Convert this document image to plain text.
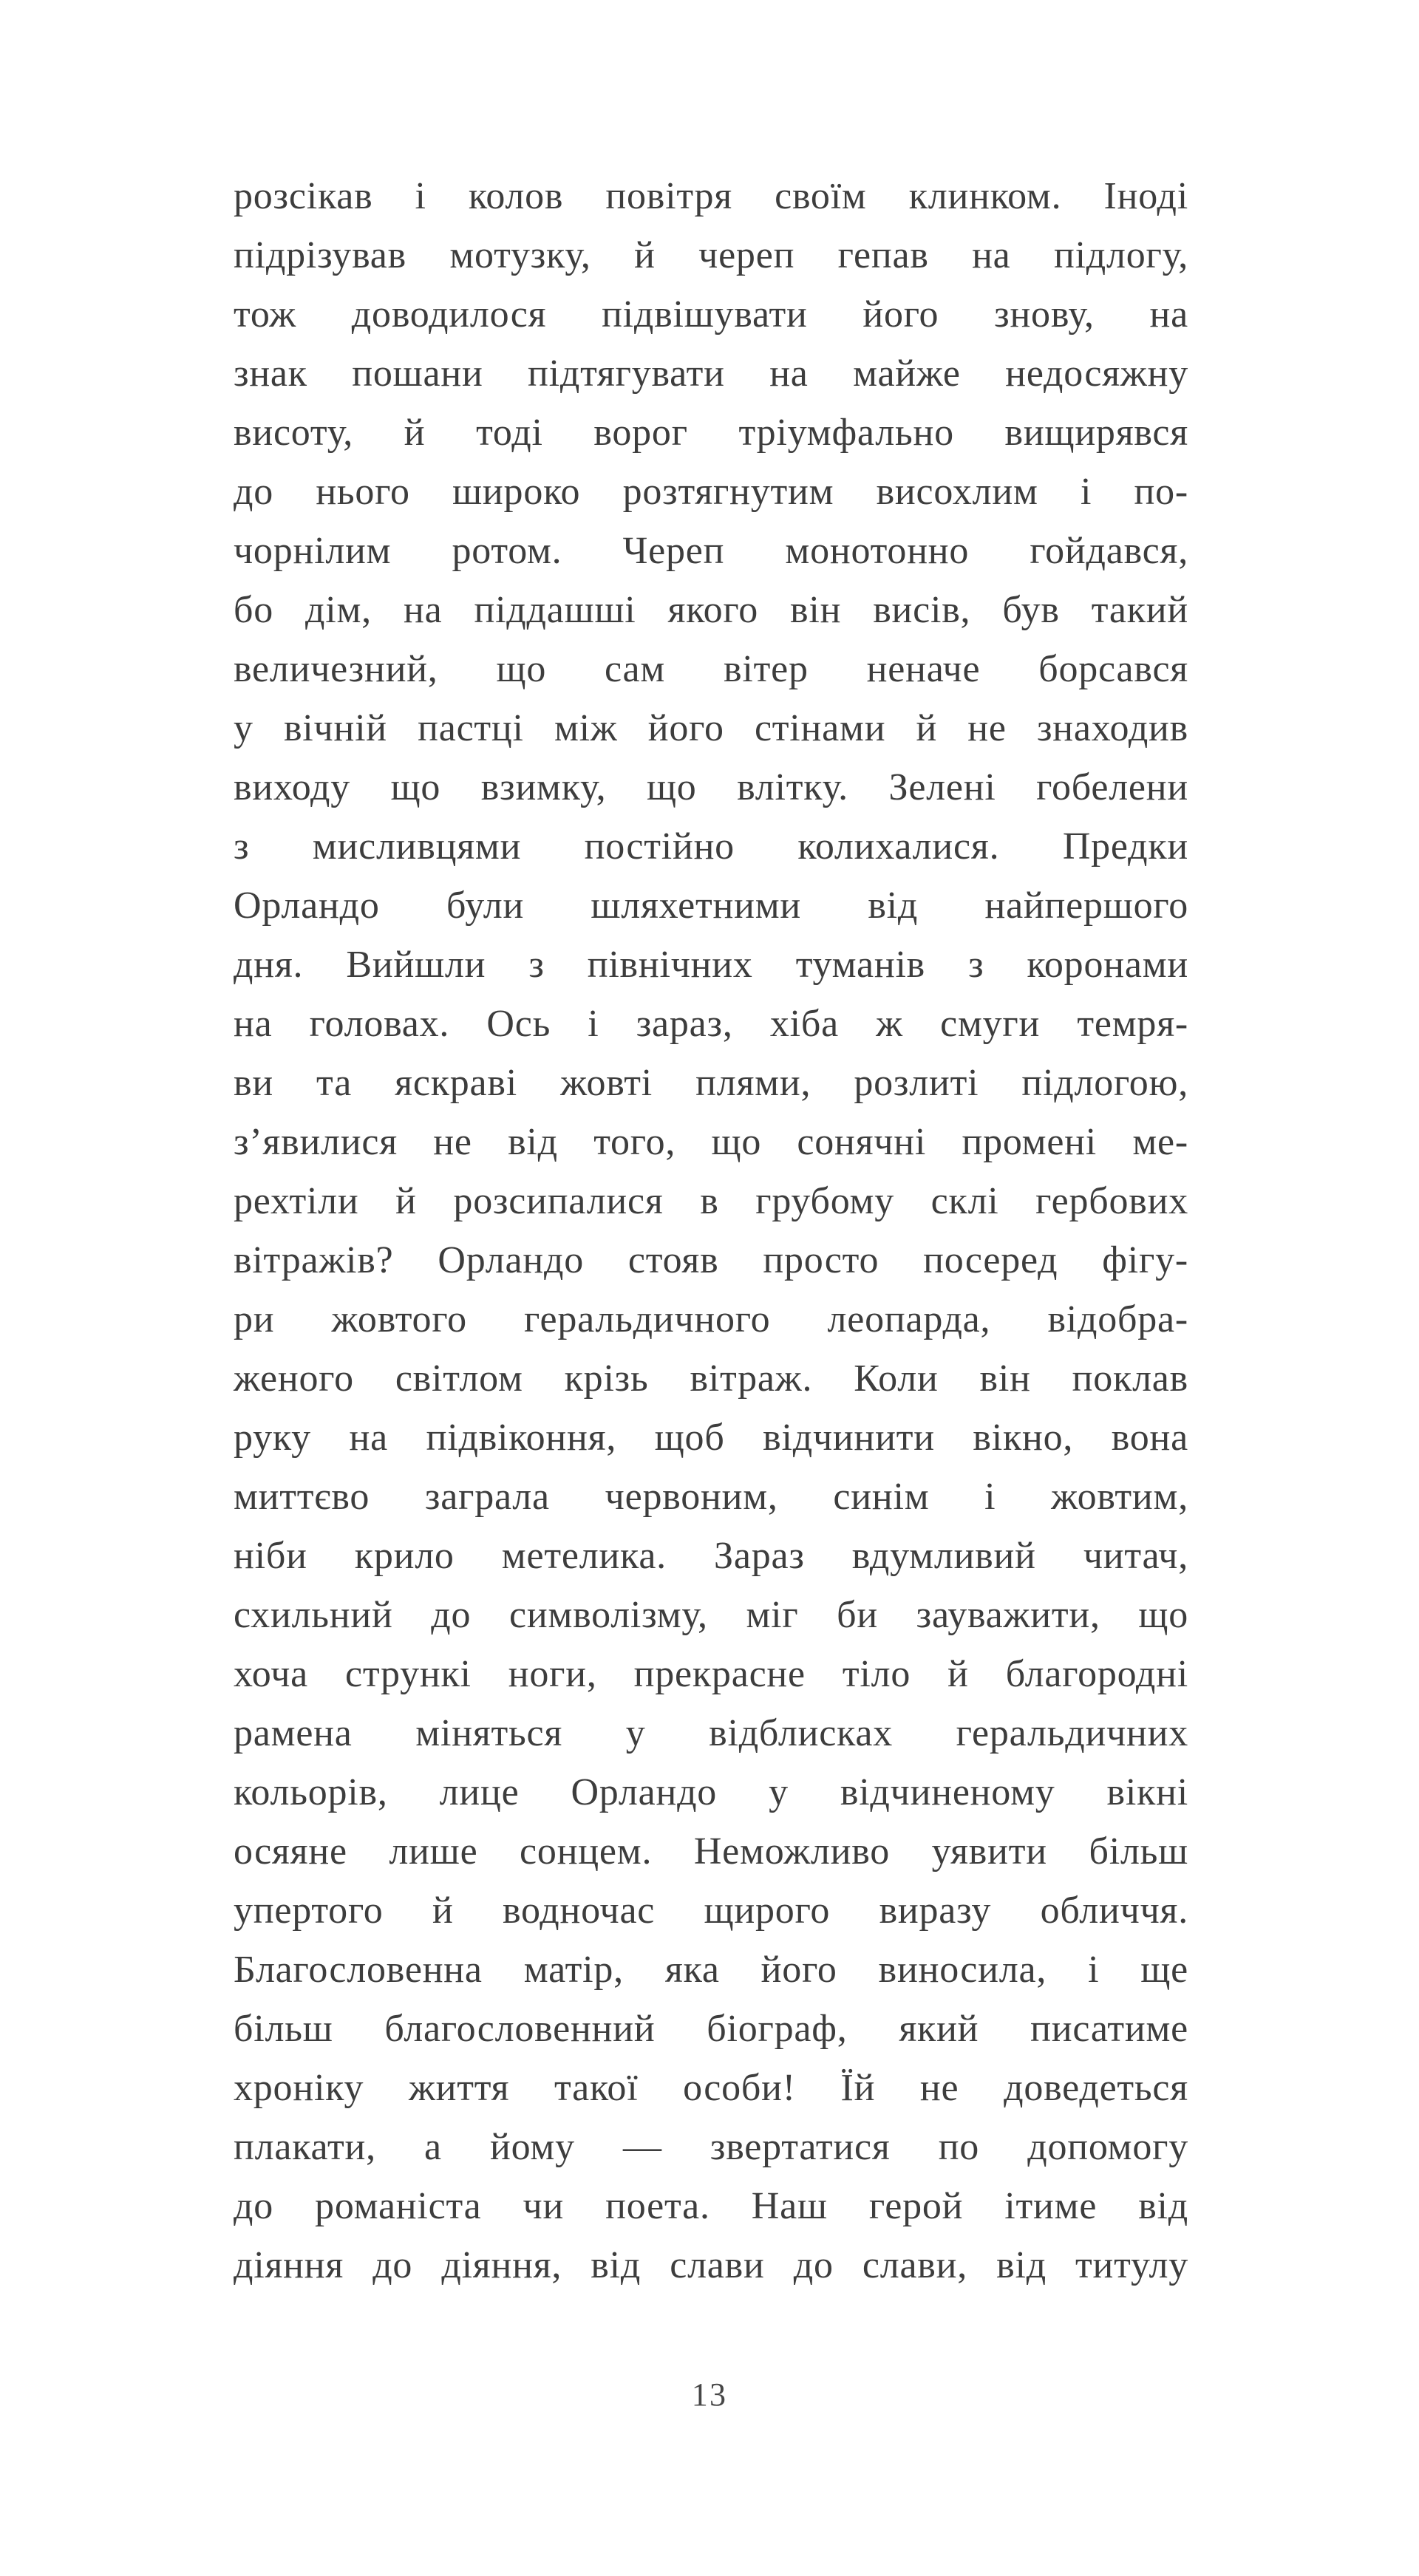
розсікав і колов повітря своїм клинком. Іноді
підрізував мотузку, й череп гепав на підлогу,
тож доводилося підвішувати його знову, на
знак пошани підтягувати на майже недосяжну
висоту, й тоді ворог тріумфально вищирявся
до нього широко розтягнутим висохлим і по-
чорнілим ротом. Череп монотонно гойдався,
бо дім, на піддашші якого він висів, був такий
величезний, що сам вітер неначе борсався
у вічній пастці між його стінами й не знаходив
виходу що взимку, що влітку. Зелені гобелени
з мисливцями постійно колихалися. Предки
Орландо були шляхетними від найпершого
дня. Вийшли з північних туманів з коронами
на головах. Ось і зараз, хіба ж смуги темря-
ви та яскраві жовті плями, розлиті підлогою,
з’явилися не від того, що сонячні промені ме-
рехтіли й розсипалися в грубому склі гербових
вітражів? Орландо стояв просто посеред фігу-
ри жовтого геральдичного леопарда, відобра-
женого світлом крізь вітраж. Коли він поклав
руку на підвіконня, щоб відчинити вікно, вона
миттєво заграла червоним, синім і жовтим,
ніби крило метелика. Зараз вдумливий читач,
схильний до символізму, міг би зауважити, що
хоча стрункі ноги, прекрасне тіло й благородні
рамена міняться у відблисках геральдичних
кольорів, лице Орландо у відчиненому вікні
осяяне лише сонцем. Неможливо уявити більш
упертого й водночас щирого виразу обличчя.
Благословенна матір, яка його виносила, і ще
більш благословенний біограф, який писатиме
хроніку життя такої особи! Їй не доведеться
плакати, а йому — звертатися по допомогу
до романіста чи поета. Наш герой ітиме від
діяння до діяння, від слави до слави, від титулу
13
